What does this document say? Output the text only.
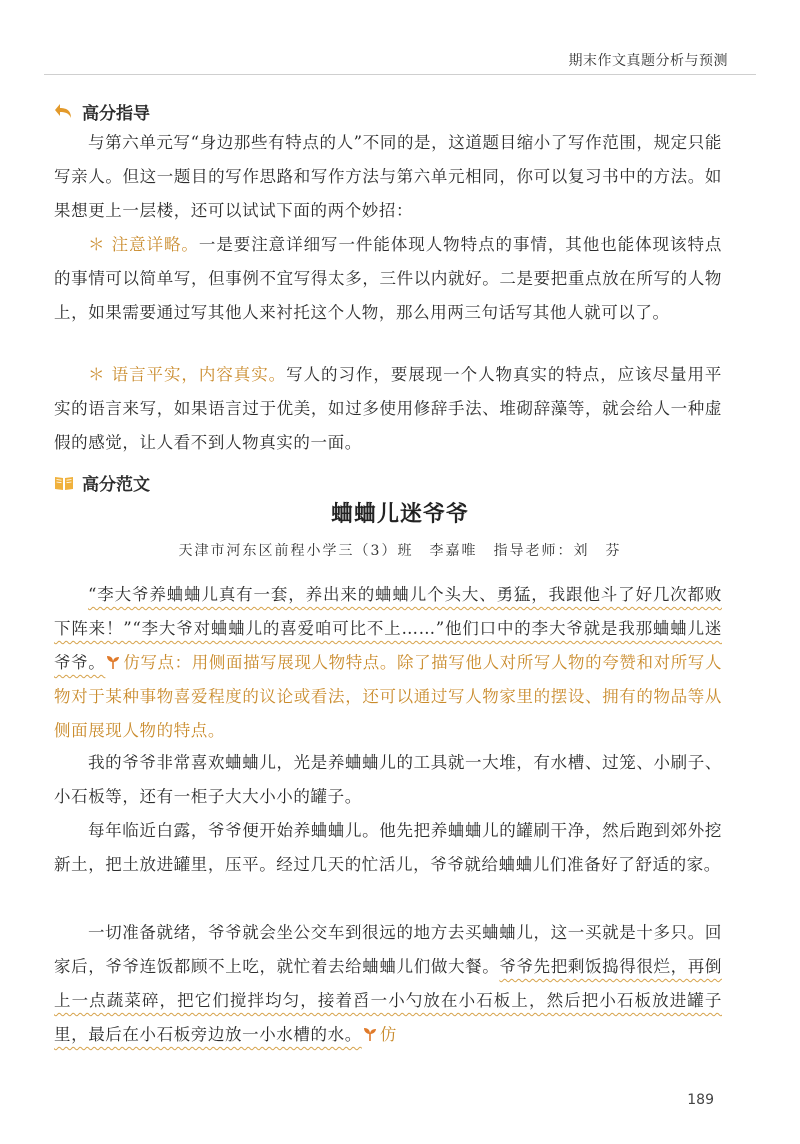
期末作文真题分析与预测
高分指导

与第六单元写“身边那些有特点的人”不同的是，这道题目缩小了写作范围，规定只能写亲人。但这一题目的写作思路和写作方法与第六单元相同，你可以复习书中的方法。如果想更上一层楼，还可以试试下面的两个妙招：

＊ 注意详略。一是要注意详细写一件能体现人物特点的事情，其他也能体现该特点的事情可以简单写，但事例不宜写得太多，三件以内就好。二是要把重点放在所写的人物上，如果需要通过写其他人来衬托这个人物，那么用两三句话写其他人就可以了。

＊ 语言平实，内容真实。写人的习作，要展现一个人物真实的特点，应该尽量用平实的语言来写，如果语言过于优美，如过多使用修辞手法、堆砌辞藻等，就会给人一种虚假的感觉，让人看不到人物真实的一面。

高分范文
蛐蛐儿迷爷爷
天津市河东区前程小学三（3）班　李嘉唯　指导老师：刘　芬

“李大爷养蛐蛐儿真有一套，养出来的蛐蛐儿个头大、勇猛，我跟他斗了好几次都败下阵来！”“李大爷对蛐蛐儿的喜爱咱可比不上……”他们口中的李大爷就是我那蛐蛐儿迷爷爷。 仿写点：用侧面描写展现人物特点。除了描写他人对所写人物的夸赞和对所写人物对于某种事物喜爱程度的议论或看法，还可以通过写人物家里的摆设、拥有的物品等从侧面展现人物的特点。

我的爷爷非常喜欢蛐蛐儿，光是养蛐蛐儿的工具就一大堆，有水槽、过笼、小刷子、小石板等，还有一柜子大大小小的罐子。

每年临近白露，爷爷便开始养蛐蛐儿。他先把养蛐蛐儿的罐刷干净，然后跑到郊外挖新土，把土放进罐里，压平。经过几天的忙活儿，爷爷就给蛐蛐儿们准备好了舒适的家。

一切准备就绪，爷爷就会坐公交车到很远的地方去买蛐蛐儿，这一买就是十多只。回家后，爷爷连饭都顾不上吃，就忙着去给蛐蛐儿们做大餐。爷爷先把剩饭捣得很烂，再倒上一点蔬菜碎，把它们搅拌均匀，接着舀一小勺放在小石板上，然后把小石板放进罐子里，最后在小石板旁边放一小水槽的水。 仿

189
